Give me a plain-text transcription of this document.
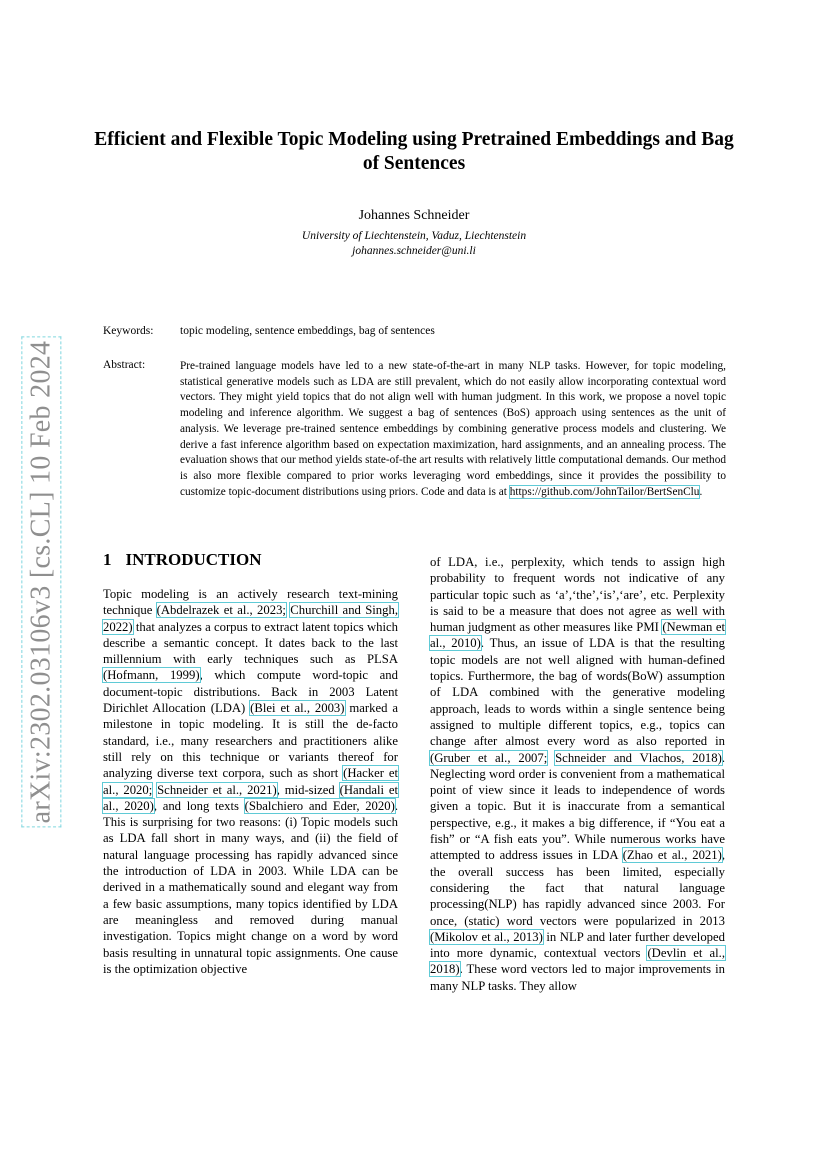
arXiv:2302.03106v3 [cs.CL] 10 Feb 2024
Efficient and Flexible Topic Modeling using Pretrained Embeddings and Bag of Sentences
Johannes Schneider
University of Liechtenstein, Vaduz, Liechtenstein
johannes.schneider@uni.li
Keywords: topic modeling, sentence embeddings, bag of sentences
Abstract:	Pre-trained language models have led to a new state-of-the-art in many NLP tasks. However, for topic modeling, statistical generative models such as LDA are still prevalent, which do not easily allow incorporating contextual word vectors. They might yield topics that do not align well with human judgment. In this work, we propose a novel topic modeling and inference algorithm. We suggest a bag of sentences (BoS) approach using sentences as the unit of analysis. We leverage pre-trained sentence embeddings by combining generative process models and clustering. We derive a fast inference algorithm based on expectation maximization, hard assignments, and an annealing process. The evaluation shows that our method yields state-of-the art results with relatively little computational demands. Our method is also more flexible compared to prior works leveraging word embeddings, since it provides the possibility to customize topic-document distributions using priors. Code and data is at https://github.com/JohnTailor/BertSenClu.
1 INTRODUCTION
Topic modeling is an actively research text-mining technique (Abdelrazek et al., 2023; Churchill and Singh, 2022) that analyzes a corpus to extract latent topics which describe a semantic concept. It dates back to the last millennium with early techniques such as PLSA (Hofmann, 1999), which compute word-topic and document-topic distributions. Back in 2003 Latent Dirichlet Allocation (LDA) (Blei et al., 2003) marked a milestone in topic modeling. It is still the de-facto standard, i.e., many researchers and practitioners alike still rely on this technique or variants thereof for analyzing diverse text corpora, such as short (Hacker et al., 2020; Schneider et al., 2021), mid-sized (Handali et al., 2020), and long texts (Sbalchiero and Eder, 2020). This is surprising for two reasons: (i) Topic models such as LDA fall short in many ways, and (ii) the field of natural language processing has rapidly advanced since the introduction of LDA in 2003. While LDA can be derived in a mathematically sound and elegant way from a few basic assumptions, many topics identified by LDA are meaningless and removed during manual investigation. Topics might change on a word by word basis resulting in unnatural topic assignments. One cause is the optimization objective
of LDA, i.e., perplexity, which tends to assign high probability to frequent words not indicative of any particular topic such as ‘a’,‘the’,‘is’,‘are’, etc. Perplexity is said to be a measure that does not agree as well with human judgment as other measures like PMI (Newman et al., 2010). Thus, an issue of LDA is that the resulting topic models are not well aligned with human-defined topics. Furthermore, the bag of words(BoW) assumption of LDA combined with the generative modeling approach, leads to words within a single sentence being assigned to multiple different topics, e.g., topics can change after almost every word as also reported in (Gruber et al., 2007; Schneider and Vlachos, 2018). Neglecting word order is convenient from a mathematical point of view since it leads to independence of words given a topic. But it is inaccurate from a semantical perspective, e.g., it makes a big difference, if “You eat a fish” or “A fish eats you”. While numerous works have attempted to address issues in LDA (Zhao et al., 2021), the overall success has been limited, especially considering the fact that natural language processing(NLP) has rapidly advanced since 2003. For once, (static) word vectors were popularized in 2013 (Mikolov et al., 2013) in NLP and later further developed into more dynamic, contextual vectors (Devlin et al., 2018). These word vectors led to major improvements in many NLP tasks. They allow
